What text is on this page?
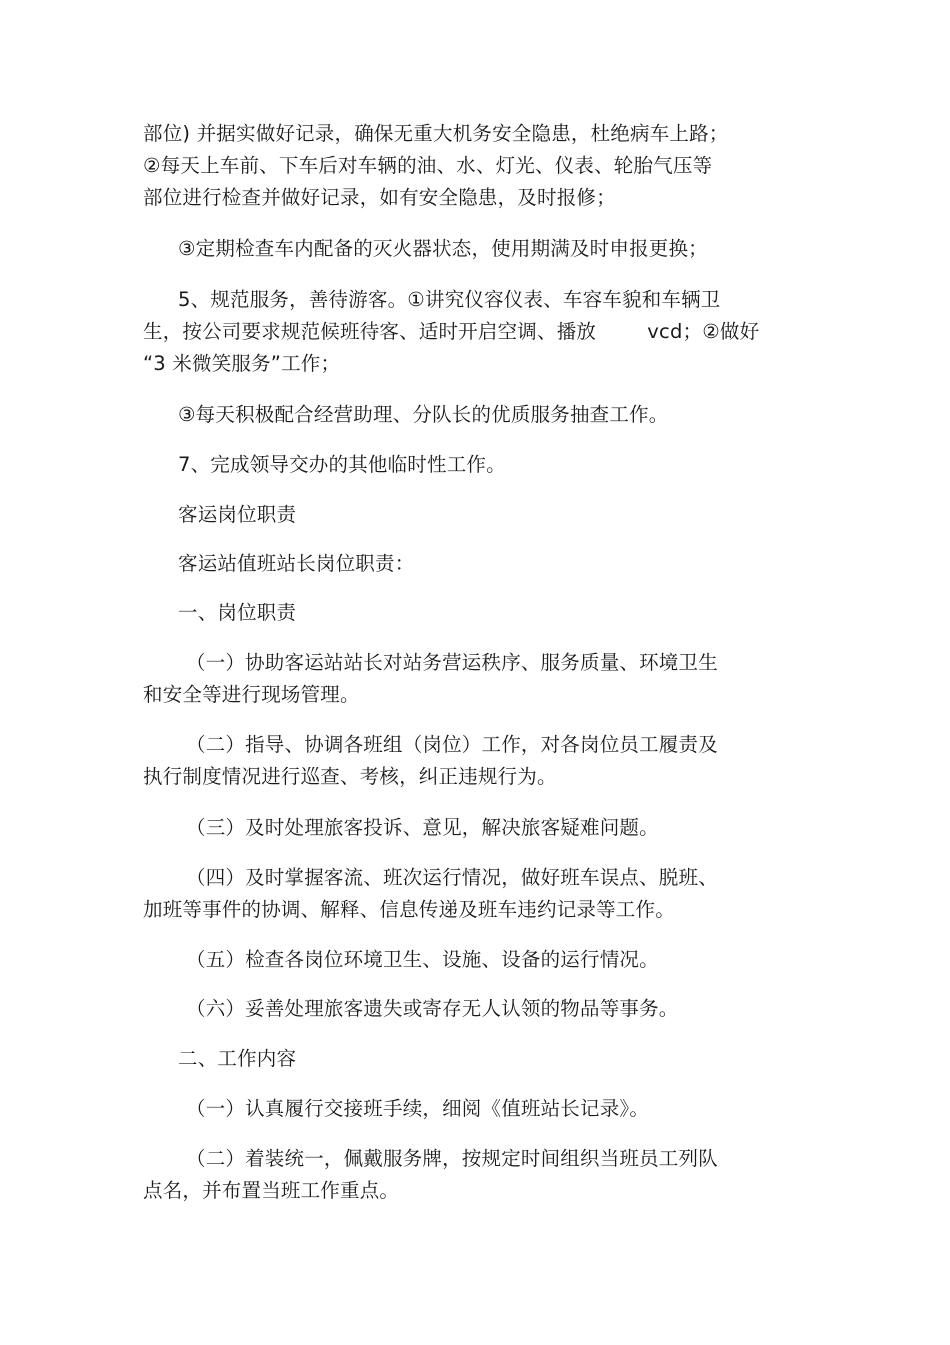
部位) 并据实做好记录，确保无重大机务安全隐患，杜绝病车上路；
②每天上车前、下车后对车辆的油、水、灯光、仪表、轮胎气压等
部位进行检查并做好记录，如有安全隐患，及时报修；
③定期检查车内配备的灭火器状态，使用期满及时申报更换；
5、规范服务，善待游客。①讲究仪容仪表、车容车貌和车辆卫
生，按公司要求规范候班待客、适时开启空调、播放        vcd；②做好
“3 米微笑服务”工作；
③每天积极配合经营助理、分队长的优质服务抽查工作。
7、完成领导交办的其他临时性工作。
客运岗位职责
客运站值班站长岗位职责：
一、岗位职责
（一）协助客运站站长对站务营运秩序、服务质量、环境卫生
和安全等进行现场管理。
（二）指导、协调各班组（岗位）工作，对各岗位员工履责及
执行制度情况进行巡查、考核，纠正违规行为。
（三）及时处理旅客投诉、意见，解决旅客疑难问题。
（四）及时掌握客流、班次运行情况，做好班车误点、脱班、
加班等事件的协调、解释、信息传递及班车违约记录等工作。
（五）检查各岗位环境卫生、设施、设备的运行情况。
（六）妥善处理旅客遗失或寄存无人认领的物品等事务。
二、工作内容
（一）认真履行交接班手续，细阅《值班站长记录》。
（二）着装统一，佩戴服务牌，按规定时间组织当班员工列队
点名，并布置当班工作重点。
